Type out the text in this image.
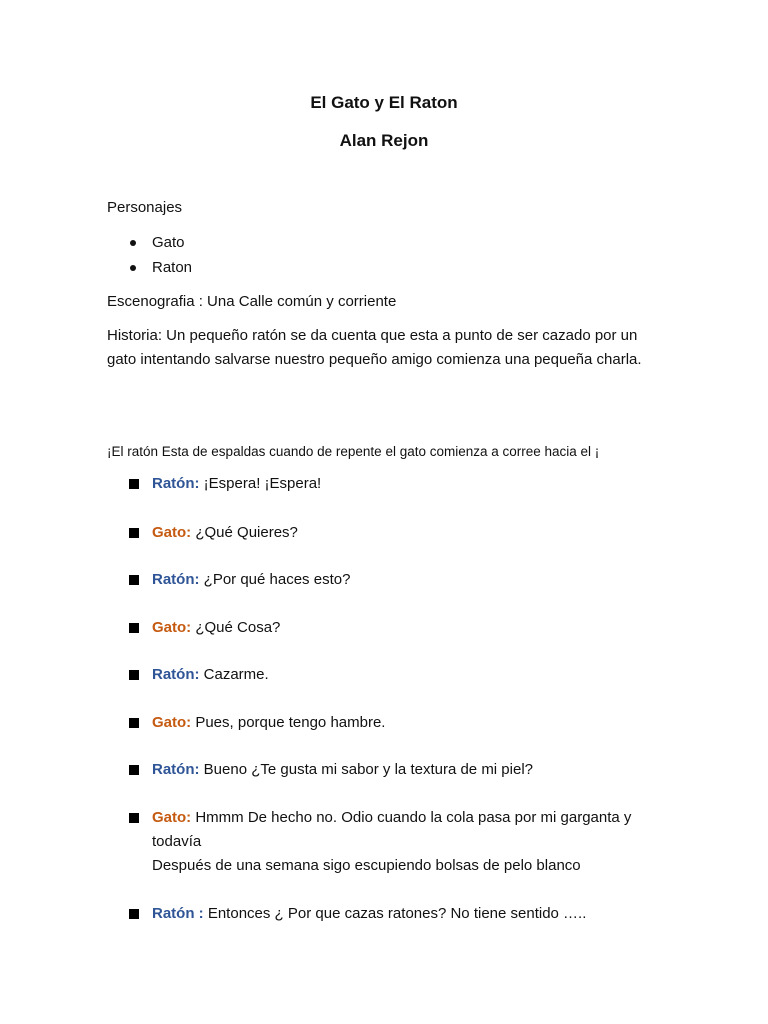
El Gato y El Raton
Alan Rejon

Personajes

Gato
Raton

Escenografia : Una Calle común y corriente

Historia: Un pequeño ratón se da cuenta que esta a punto de ser cazado por un gato intentando salvarse nuestro pequeño amigo comienza una pequeña charla.

¡El ratón Esta de espaldas cuando de repente el gato comienza a corree hacia el ¡

Ratón: ¡Espera! ¡Espera!
Gato: ¿Qué Quieres?
Ratón: ¿Por qué haces esto?
Gato: ¿Qué Cosa?
Ratón: Cazarme.
Gato: Pues, porque tengo hambre.
Ratón: Bueno ¿Te gusta mi sabor y la textura de mi piel?
Gato: Hmmm De hecho no. Odio cuando la cola pasa por mi garganta y todavía
Después de una semana sigo escupiendo bolsas de pelo blanco
Ratón : Entonces ¿ Por que cazas ratones? No tiene sentido …..
